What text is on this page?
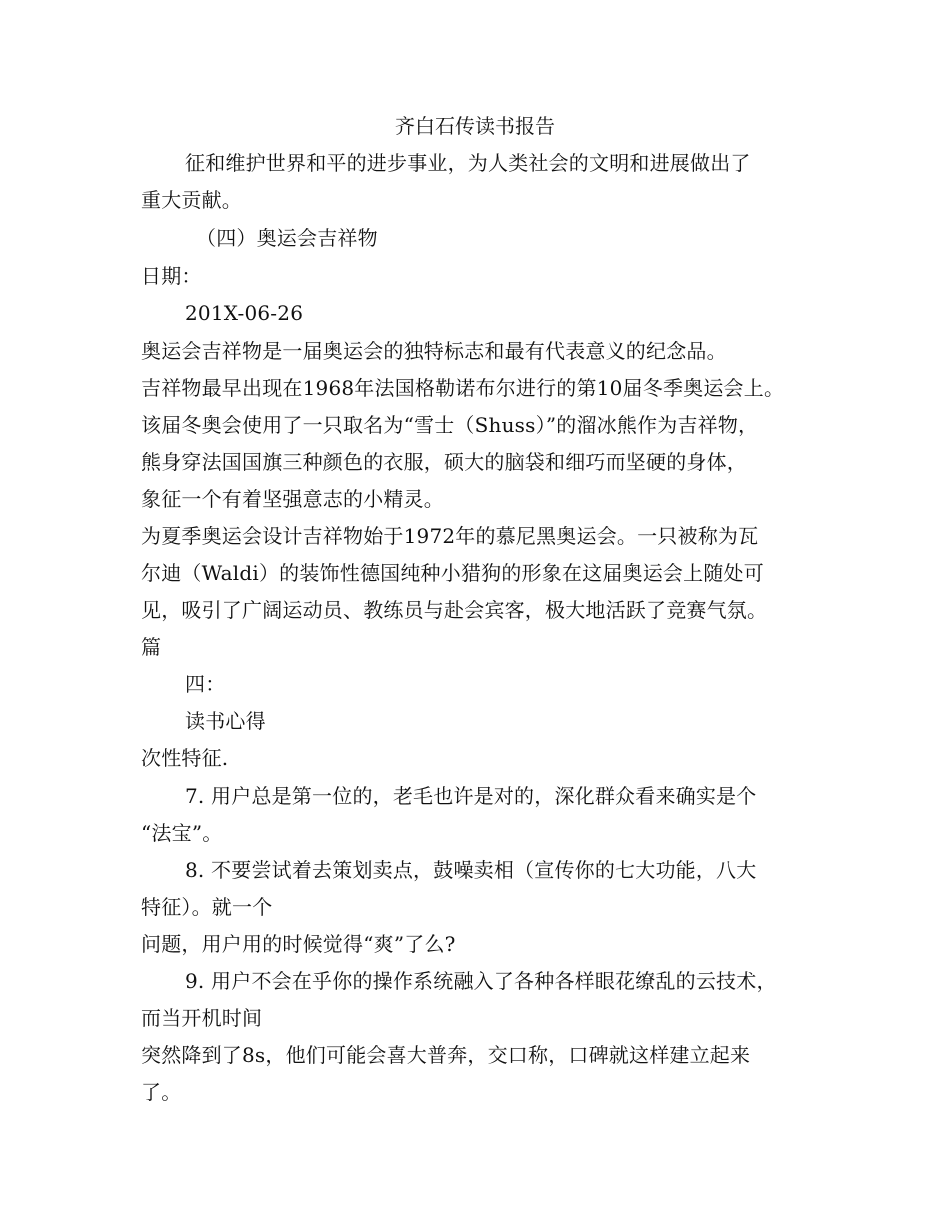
齐白石传读书报告
征和维护世界和平的进步事业，为人类社会的文明和进展做出了
重大贡献。
（四）奥运会吉祥物
日期：
201X-06-26
奥运会吉祥物是一届奥运会的独特标志和最有代表意义的纪念品。
吉祥物最早出现在1968年法国格勒诺布尔进行的第10届冬季奥运会上。
该届冬奥会使用了一只取名为“雪士（Shuss）”的溜冰熊作为吉祥物，
熊身穿法国国旗三种颜色的衣服，硕大的脑袋和细巧而坚硬的身体，
象征一个有着坚强意志的小精灵。
为夏季奥运会设计吉祥物始于1972年的慕尼黑奥运会。一只被称为瓦
尔迪（Waldi）的装饰性德国纯种小猎狗的形象在这届奥运会上随处可
见，吸引了广阔运动员、教练员与赴会宾客，极大地活跃了竞赛气氛。
篇
四：
读书心得
次性特征.
7. 用户总是第一位的，老毛也许是对的，深化群众看来确实是个
“法宝”。
8. 不要尝试着去策划卖点，鼓噪卖相（宣传你的七大功能，八大
特征）。就一个
问题，用户用的时候觉得“爽”了么?
9. 用户不会在乎你的操作系统融入了各种各样眼花缭乱的云技术，
而当开机时间
突然降到了8s，他们可能会喜大普奔，交口称，口碑就这样建立起来
了。
